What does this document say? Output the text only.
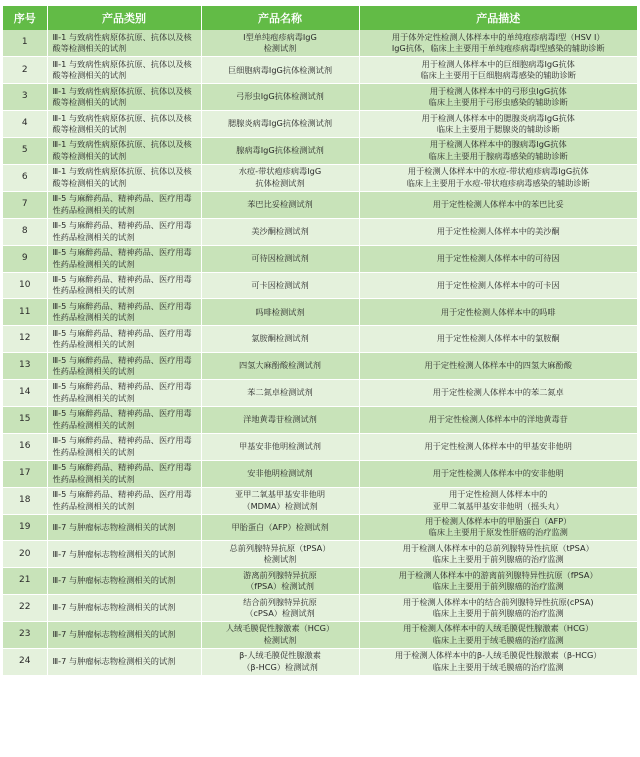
序号	产品类别	产品名称	产品描述
1	Ⅲ-1 与致病性病原体抗原、抗体以及核酸等检测相关的试剂	Ⅰ型单纯疱疹病毒IgG
检测试剂	用于体外定性检测人体样本中的单纯疱疹病毒Ⅰ型（HSV Ⅰ）
IgG抗体，临床上主要用于单纯疱疹病毒Ⅰ型感染的辅助诊断
2	Ⅲ-1 与致病性病原体抗原、抗体以及核酸等检测相关的试剂	巨细胞病毒IgG抗体检测试剂	用于检测人体样本中的巨细胞病毒IgG抗体
临床上主要用于巨细胞病毒感染的辅助诊断
3	Ⅲ-1 与致病性病原体抗原、抗体以及核酸等检测相关的试剂	弓形虫IgG抗体检测试剂	用于检测人体样本中的弓形虫IgG抗体
临床上主要用于弓形虫感染的辅助诊断
4	Ⅲ-1 与致病性病原体抗原、抗体以及核酸等检测相关的试剂	腮腺炎病毒IgG抗体检测试剂	用于检测人体样本中的腮腺炎病毒IgG抗体
临床上主要用于腮腺炎的辅助诊断
5	Ⅲ-1 与致病性病原体抗原、抗体以及核酸等检测相关的试剂	腺病毒IgG抗体检测试剂	用于检测人体样本中的腺病毒IgG抗体
临床上主要用于腺病毒感染的辅助诊断
6	Ⅲ-1 与致病性病原体抗原、抗体以及核酸等检测相关的试剂	水痘-带状疱疹病毒IgG
抗体检测试剂	用于检测人体样本中的水痘-带状疱疹病毒IgG抗体
临床上主要用于水痘-带状疱疹病毒感染的辅助诊断
7	Ⅲ-5 与麻醉药品、精神药品、医疗用毒性药品检测相关的试剂	苯巴比妥检测试剂	用于定性检测人体样本中的苯巴比妥
8	Ⅲ-5 与麻醉药品、精神药品、医疗用毒性药品检测相关的试剂	美沙酮检测试剂	用于定性检测人体样本中的美沙酮
9	Ⅲ-5 与麻醉药品、精神药品、医疗用毒性药品检测相关的试剂	可待因检测试剂	用于定性检测人体样本中的可待因
10	Ⅲ-5 与麻醉药品、精神药品、医疗用毒性药品检测相关的试剂	可卡因检测试剂	用于定性检测人体样本中的可卡因
11	Ⅲ-5 与麻醉药品、精神药品、医疗用毒性药品检测相关的试剂	吗啡检测试剂	用于定性检测人体样本中的吗啡
12	Ⅲ-5 与麻醉药品、精神药品、医疗用毒性药品检测相关的试剂	氯胺酮检测试剂	用于定性检测人体样本中的氯胺酮
13	Ⅲ-5 与麻醉药品、精神药品、医疗用毒性药品检测相关的试剂	四氢大麻酚酸检测试剂	用于定性检测人体样本中的四氢大麻酚酸
14	Ⅲ-5 与麻醉药品、精神药品、医疗用毒性药品检测相关的试剂	苯二氮卓检测试剂	用于定性检测人体样本中的苯二氮卓
15	Ⅲ-5 与麻醉药品、精神药品、医疗用毒性药品检测相关的试剂	洋地黄毒苷检测试剂	用于定性检测人体样本中的洋地黄毒苷
16	Ⅲ-5 与麻醉药品、精神药品、医疗用毒性药品检测相关的试剂	甲基安非他明检测试剂	用于定性检测人体样本中的甲基安非他明
17	Ⅲ-5 与麻醉药品、精神药品、医疗用毒性药品检测相关的试剂	安非他明检测试剂	用于定性检测人体样本中的安非他明
18	Ⅲ-5 与麻醉药品、精神药品、医疗用毒性药品检测相关的试剂	亚甲二氧基甲基安非他明
（MDMA）检测试剂	用于定性检测人体样本中的
亚甲二氧基甲基安非他明（摇头丸）
19	Ⅲ-7 与肿瘤标志物检测相关的试剂	甲胎蛋白（AFP）检测试剂	用于检测人体样本中的甲胎蛋白（AFP）
临床上主要用于原发性肝癌的治疗监测
20	Ⅲ-7 与肿瘤标志物检测相关的试剂	总前列腺特异抗原（tPSA）
检测试剂	用于检测人体样本中的总前列腺特异性抗原（tPSA）
临床上主要用于前列腺癌的治疗监测
21	Ⅲ-7 与肿瘤标志物检测相关的试剂	游离前列腺特异抗原
（fPSA）检测试剂	用于检测人体样本中的游离前列腺特异性抗原（fPSA）
临床上主要用于前列腺癌的治疗监测
22	Ⅲ-7 与肿瘤标志物检测相关的试剂	结合前列腺特异抗原
（cPSA）检测试剂	用于检测人体样本中的结合前列腺特异性抗原(cPSA)
临床上主要用于前列腺癌的治疗监测
23	Ⅲ-7 与肿瘤标志物检测相关的试剂	人绒毛膜促性腺激素（HCG）
检测试剂	用于检测人体样本中的人绒毛膜促性腺激素（HCG）
临床上主要用于绒毛膜癌的治疗监测
24	Ⅲ-7 与肿瘤标志物检测相关的试剂	β-人绒毛膜促性腺激素
（β-HCG）检测试剂	用于检测人体样本中的β-人绒毛膜促性腺激素（β-HCG）
临床上主要用于绒毛膜癌的治疗监测
